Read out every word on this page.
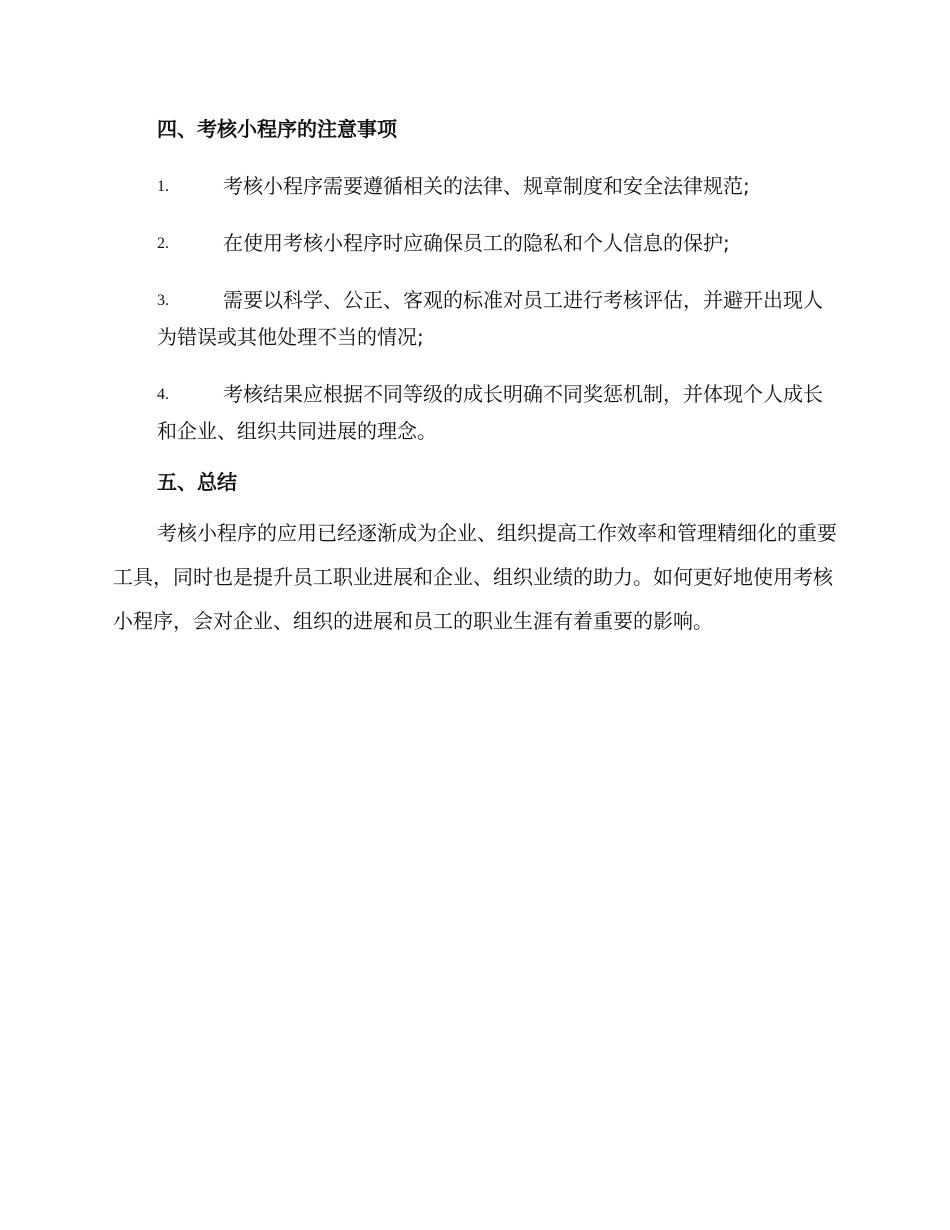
四、考核小程序的注意事项
1.	考核小程序需要遵循相关的法律、规章制度和安全法律规范;
2.	在使用考核小程序时应确保员工的隐私和个人信息的保护;
3.	需要以科学、公正、客观的标准对员工进行考核评估，并避开出现人为错误或其他处理不当的情况;
4.	考核结果应根据不同等级的成长明确不同奖惩机制，并体现个人成长和企业、组织共同进展的理念。
五、总结

考核小程序的应用已经逐渐成为企业、组织提高工作效率和管理精细化的重要工具，同时也是提升员工职业进展和企业、组织业绩的助力。如何更好地使用考核小程序，会对企业、组织的进展和员工的职业生涯有着重要的影响。
